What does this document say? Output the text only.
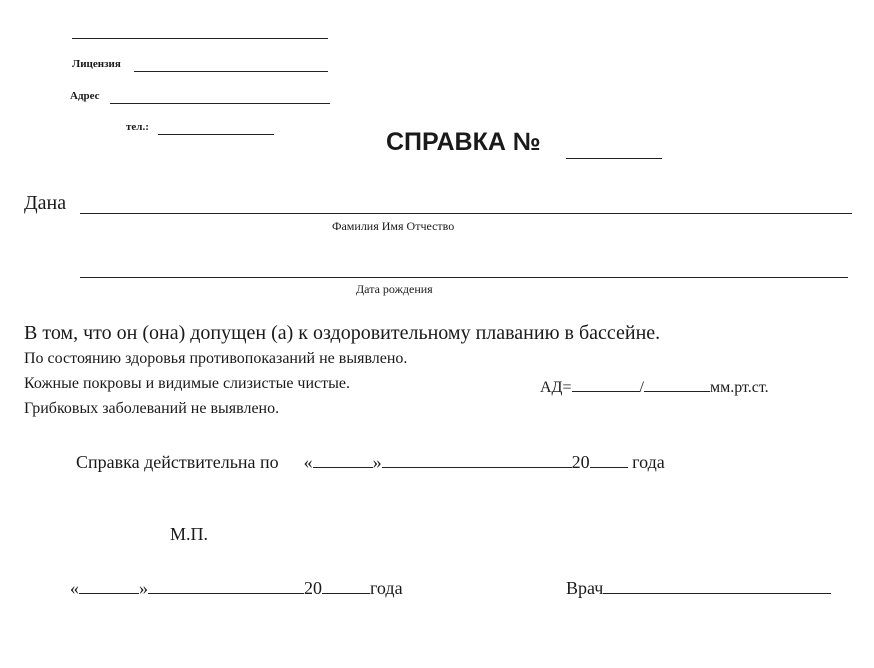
Лицензия
Адрес
тел.:
СПРАВКА №
Дана
Фамилия Имя Отчество
Дата рождения
В том, что он (она) допущен (а) к оздоровительному плаванию в бассейне.
По состоянию здоровья противопоказаний не выявлено.
Кожные покровы и видимые слизистые чистые.	АД=	/	мм.рт.ст.
Грибковых заболеваний не выявлено.
Справка действительна по «	»	20 года
М.П.
«	»	20	года	Врач
